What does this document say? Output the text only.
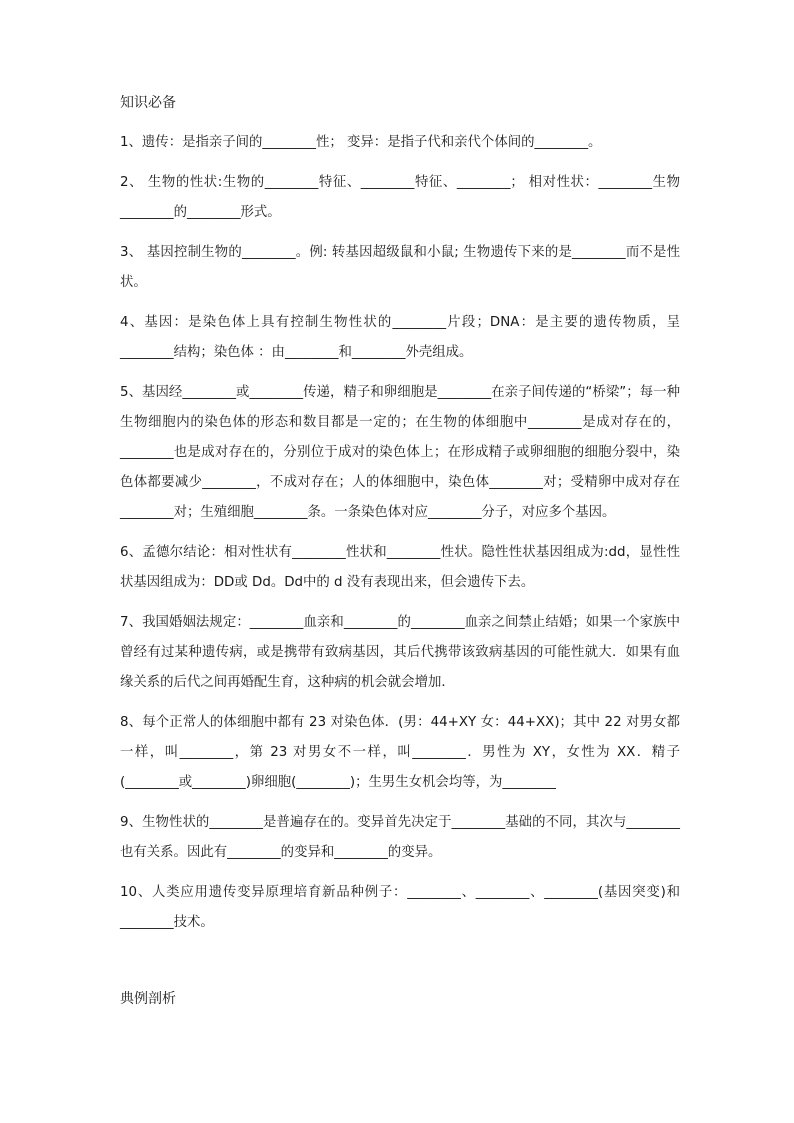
知识必备
1、遗传：是指亲子间的________性； 变异：是指子代和亲代个体间的________。
2、 生物的性状:生物的________特征、________特征、________； 相对性状：________生物________的________形式。
3、 基因控制生物的________。例: 转基因超级鼠和小鼠; 生物遗传下来的是________而不是性状。
4、基因：是染色体上具有控制生物性状的________片段；DNA：是主要的遗传物质，呈________结构；染色体 ：由________和________外壳组成。
5、基因经________或________传递，精子和卵细胞是________在亲子间传递的“桥梁”；每一种生物细胞内的染色体的形态和数目都是一定的；在生物的体细胞中________是成对存在的，________也是成对存在的，分别位于成对的染色体上；在形成精子或卵细胞的细胞分裂中，染色体都要减少________，不成对存在；人的体细胞中，染色体________对；受精卵中成对存在________对；生殖细胞________条。一条染色体对应________分子，对应多个基因。
6、孟德尔结论：相对性状有________性状和________性状。隐性性状基因组成为:dd，显性性状基因组成为：DD或 Dd。Dd中的 d 没有表现出来，但会遗传下去。
7、我国婚姻法规定：________血亲和________的________血亲之间禁止结婚；如果一个家族中曾经有过某种遗传病，或是携带有致病基因，其后代携带该致病基因的可能性就大．如果有血缘关系的后代之间再婚配生育，这种病的机会就会增加．
8、每个正常人的体细胞中都有 23 对染色体．(男：44+XY 女：44+XX)；其中 22 对男女都一样，叫________，第 23 对男女不一样，叫________．男性为 XY，女性为 XX．精子(________或________)卵细胞(________)；生男生女机会均等，为________
9、生物性状的________是普遍存在的。变异首先决定于________基础的不同，其次与________也有关系。因此有________的变异和________的变异。
10、人类应用遗传变异原理培育新品种例子：________、________、________(基因突变)和________技术。
典例剖析
